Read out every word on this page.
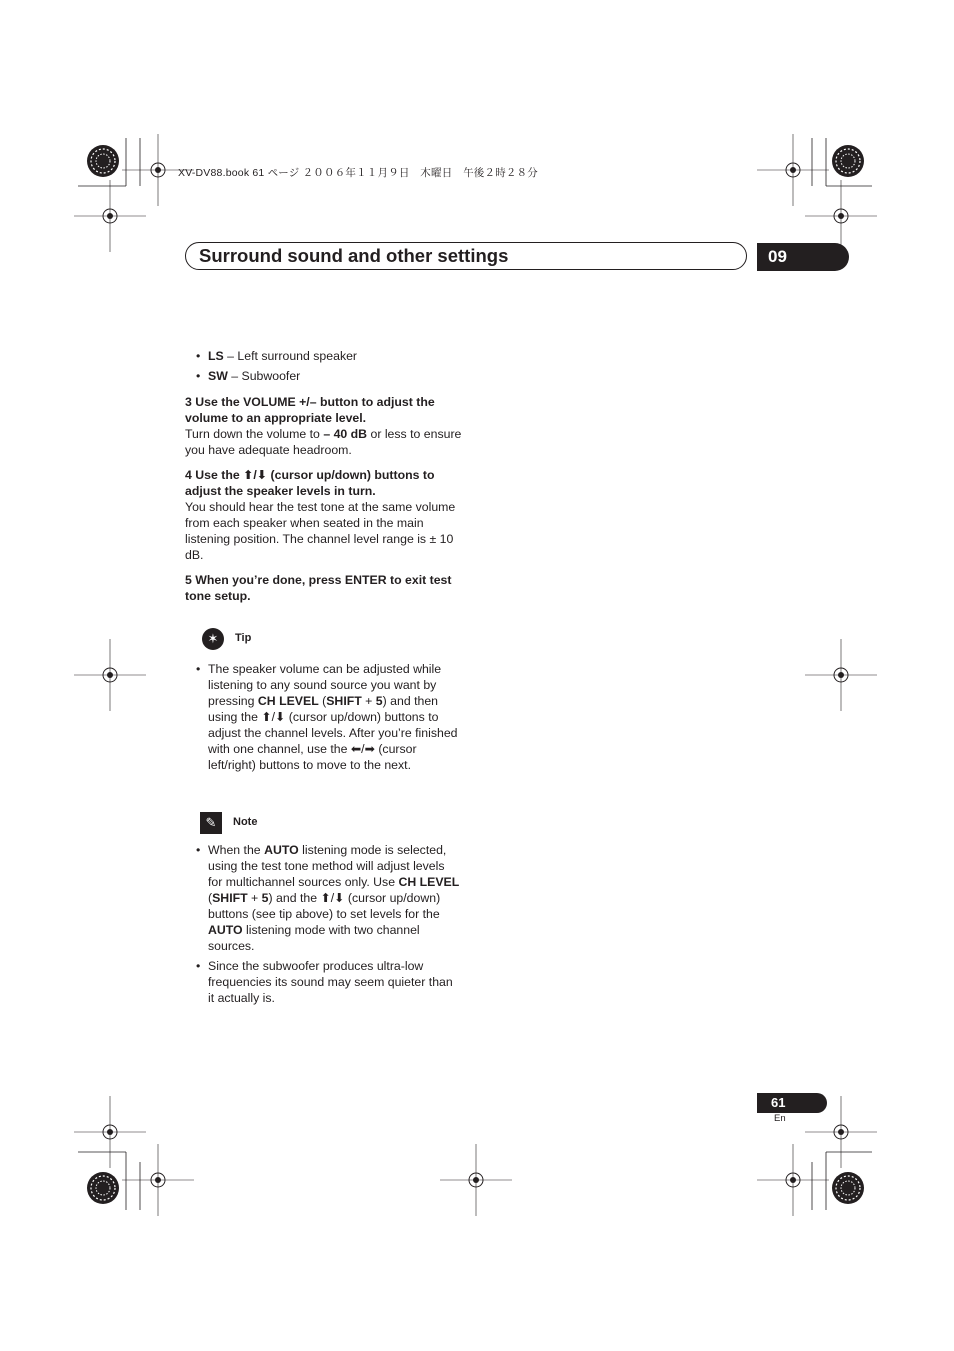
XV-DV88.book 61 ページ ２００６年１１月９日　木曜日　午後２時２８分
Surround sound and other settings	09
• LS – Left surround speaker
• SW – Subwoofer
3 Use the VOLUME +/– button to adjust the volume to an appropriate level.
Turn down the volume to – 40 dB or less to ensure you have adequate headroom.
4 Use the ⬆/⬇ (cursor up/down) buttons to adjust the speaker levels in turn.
You should hear the test tone at the same volume from each speaker when seated in the main listening position. The channel level range is ± 10 dB.
5 When you’re done, press ENTER to exit test tone setup.
✶	Tip
• The speaker volume can be adjusted while listening to any sound source you want by pressing CH LEVEL (SHIFT + 5) and then using the ⬆/⬇ (cursor up/down) buttons to adjust the channel levels. After you’re finished with one channel, use the ⬅/➡ (cursor left/right) buttons to move to the next.
✎	Note
• When the AUTO listening mode is selected, using the test tone method will adjust levels for multichannel sources only. Use CH LEVEL (SHIFT + 5) and the ⬆/⬇ (cursor up/down) buttons (see tip above) to set levels for the AUTO listening mode with two channel sources.
• Since the subwoofer produces ultra-low frequencies its sound may seem quieter than it actually is.
61
En
